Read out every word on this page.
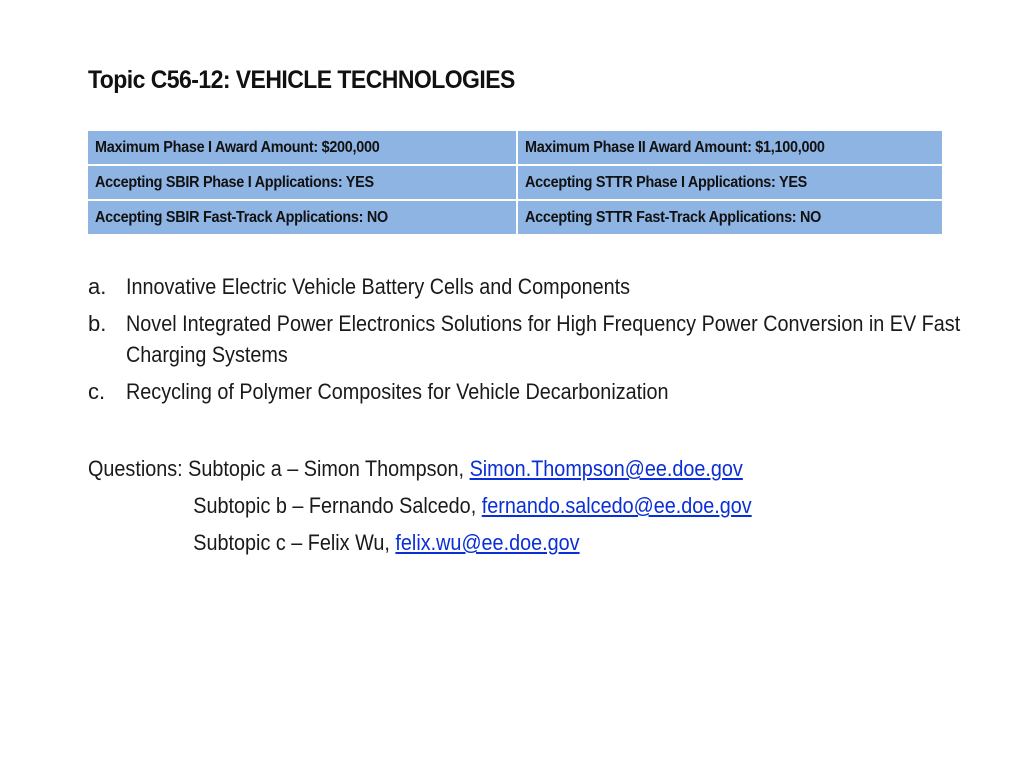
Topic C56-12: VEHICLE TECHNOLOGIES
Maximum Phase I Award Amount: $200,000	Maximum Phase II Award Amount: $1,100,000
Accepting SBIR Phase I Applications: YES	Accepting STTR Phase I Applications: YES
Accepting SBIR Fast-Track Applications: NO	Accepting STTR Fast-Track Applications: NO
a. Innovative Electric Vehicle Battery Cells and Components
b. Novel Integrated Power Electronics Solutions for High Frequency Power Conversion in EV Fast Charging Systems
c. Recycling of Polymer Composites for Vehicle Decarbonization
Questions: Subtopic a – Simon Thompson, Simon.Thompson@ee.doe.gov
Subtopic b – Fernando Salcedo, fernando.salcedo@ee.doe.gov
Subtopic c – Felix Wu, felix.wu@ee.doe.gov
